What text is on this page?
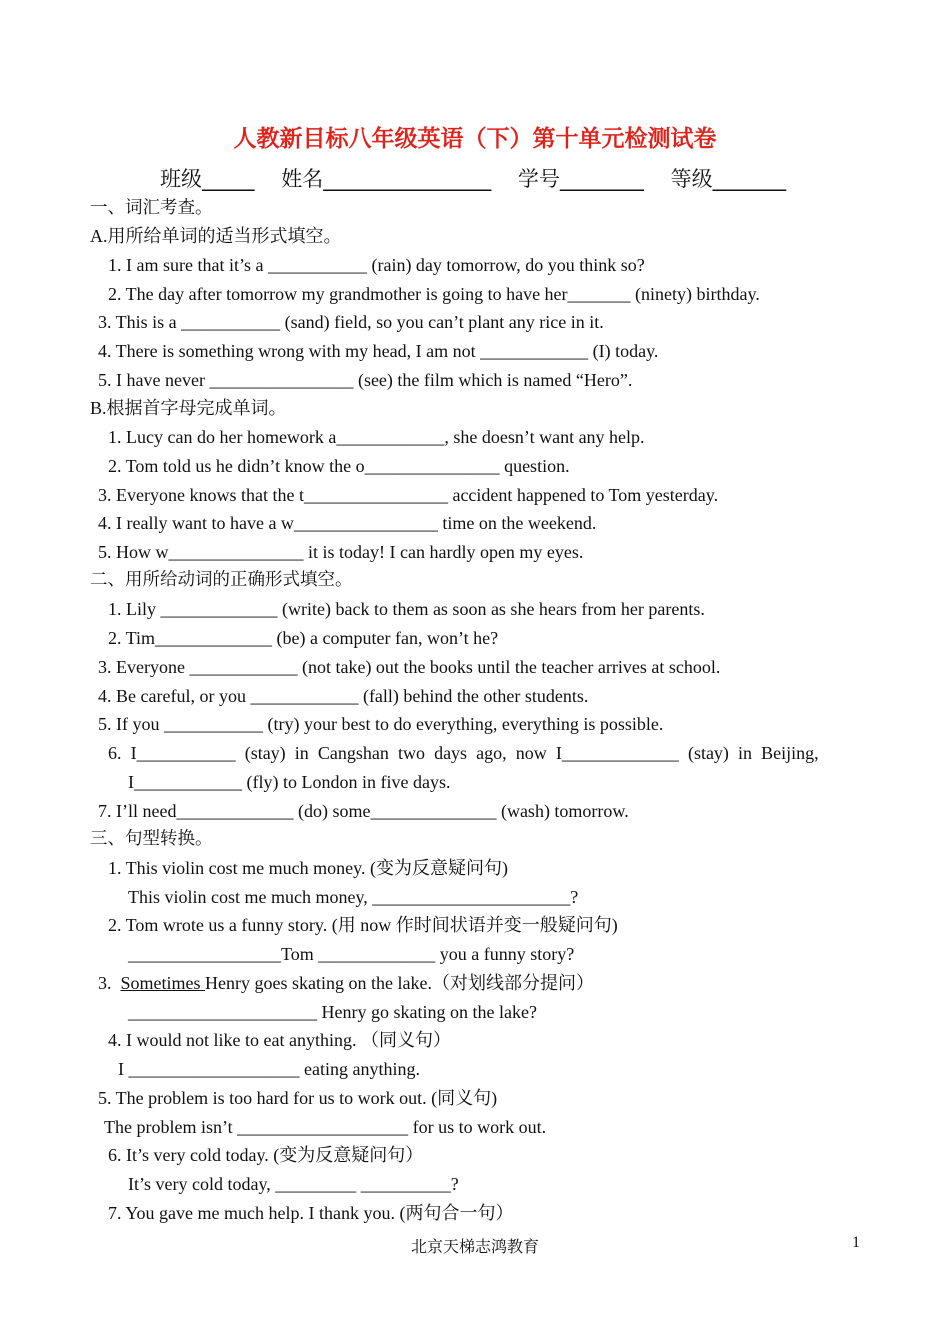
人教新目标八年级英语（下）第十单元检测试卷
班级_____    姓名________________    学号________    等级_______
一、词汇考查。
A.用所给单词的适当形式填空。
1. I am sure that it’s a ___________ (rain) day tomorrow, do you think so?
2. The day after tomorrow my grandmother is going to have her_______ (ninety) birthday.
3. This is a ___________ (sand) field, so you can’t plant any rice in it.
4. There is something wrong with my head, I am not ____________ (I) today.
5. I have never ________________ (see) the film which is named “Hero”.
B.根据首字母完成单词。
1. Lucy can do her homework a____________, she doesn’t want any help.
2. Tom told us he didn’t know the o_______________ question.
3. Everyone knows that the t________________ accident happened to Tom yesterday.
4. I really want to have a w________________ time on the weekend.
5. How w_______________ it is today! I can hardly open my eyes.
二、用所给动词的正确形式填空。
1. Lily _____________ (write) back to them as soon as she hears from her parents.
2. Tim_____________ (be) a computer fan, won’t he?
3. Everyone ____________ (not take) out the books until the teacher arrives at school.
4. Be careful, or you ____________ (fall) behind the other students.
5. If you ___________ (try) your best to do everything, everything is possible.
6. I___________ (stay) in Cangshan two days ago, now I_____________ (stay) in Beijing,
I____________ (fly) to London in five days.
7. I’ll need_____________ (do) some______________ (wash) tomorrow.
三、句型转换。
1. This violin cost me much money. (变为反意疑问句)
This violin cost me much money, ______________________?
2. Tom wrote us a funny story. (用 now 作时间状语并变一般疑问句)
_________________Tom _____________ you a funny story?
3. Sometimes Henry goes skating on the lake.（对划线部分提问）
_____________________ Henry go skating on the lake?
4. I would not like to eat anything. （同义句）
I ___________________ eating anything.
5. The problem is too hard for us to work out. (同义句)
The problem isn’t ___________________ for us to work out.
6. It’s very cold today. (变为反意疑问句）
It’s very cold today, _________ __________?
7. You gave me much help. I thank you. (两句合一句）
北京天梯志鸿教育	1
